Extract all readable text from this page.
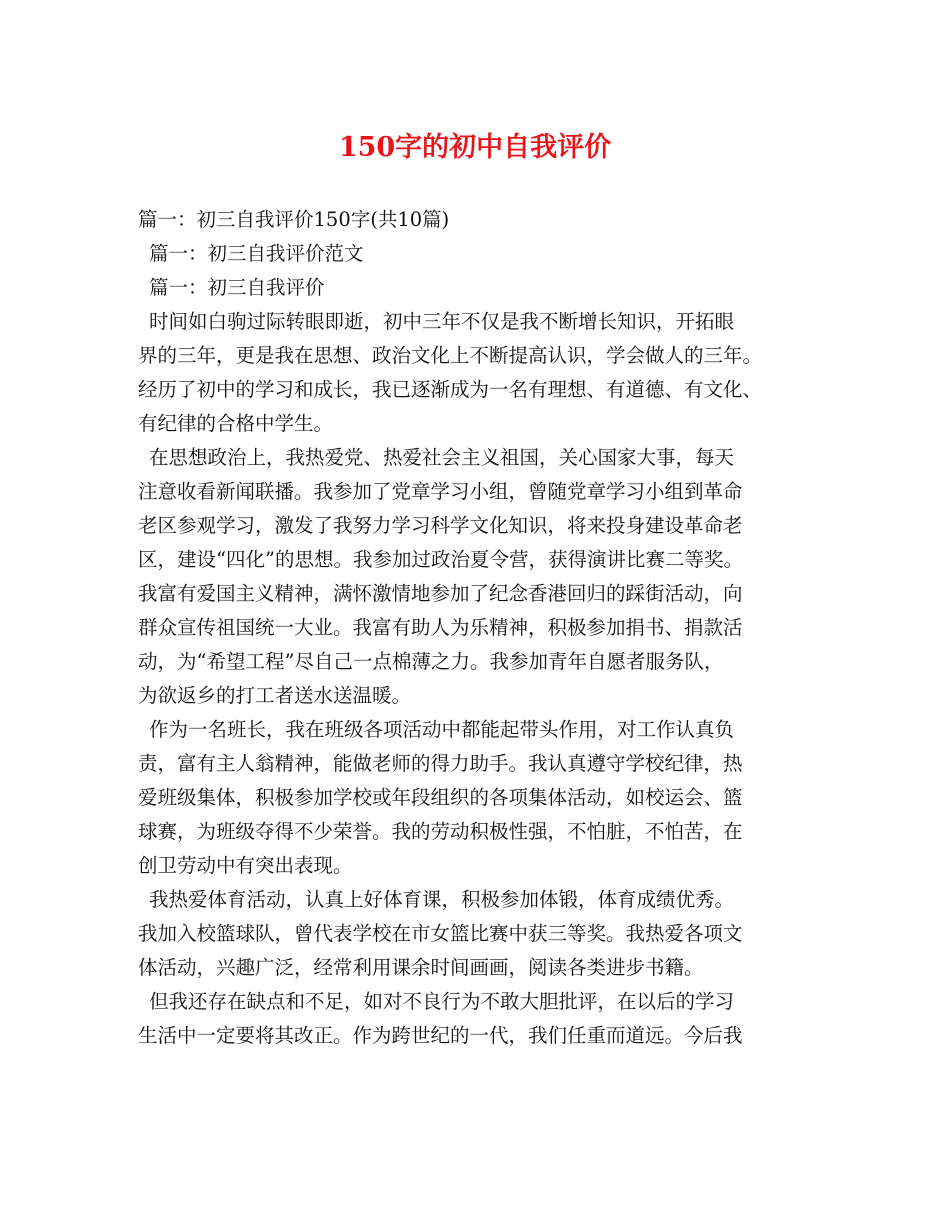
150字的初中自我评价
篇一：初三自我评价150字(共10篇)
篇一：初三自我评价范文
篇一：初三自我评价
时间如白驹过际转眼即逝，初中三年不仅是我不断增长知识，开拓眼
界的三年，更是我在思想、政治文化上不断提高认识，学会做人的三年。
经历了初中的学习和成长，我已逐渐成为一名有理想、有道德、有文化、
有纪律的合格中学生。
在思想政治上，我热爱党、热爱社会主义祖国，关心国家大事，每天
注意收看新闻联播。我参加了党章学习小组，曾随党章学习小组到革命
老区参观学习，激发了我努力学习科学文化知识，将来投身建设革命老
区，建设“四化”的思想。我参加过政治夏令营，获得演讲比赛二等奖。
我富有爱国主义精神，满怀激情地参加了纪念香港回归的踩街活动，向
群众宣传祖国统一大业。我富有助人为乐精神，积极参加捐书、捐款活
动，为“希望工程”尽自己一点棉薄之力。我参加青年自愿者服务队，
为欲返乡的打工者送水送温暖。
作为一名班长，我在班级各项活动中都能起带头作用，对工作认真负
责，富有主人翁精神，能做老师的得力助手。我认真遵守学校纪律，热
爱班级集体，积极参加学校或年段组织的各项集体活动，如校运会、篮
球赛，为班级夺得不少荣誉。我的劳动积极性强，不怕脏，不怕苦，在
创卫劳动中有突出表现。
我热爱体育活动，认真上好体育课，积极参加体锻，体育成绩优秀。
我加入校篮球队，曾代表学校在市女篮比赛中获三等奖。我热爱各项文
体活动，兴趣广泛，经常利用课余时间画画，阅读各类进步书籍。
但我还存在缺点和不足，如对不良行为不敢大胆批评，在以后的学习
生活中一定要将其改正。作为跨世纪的一代，我们任重而道远。今后我
